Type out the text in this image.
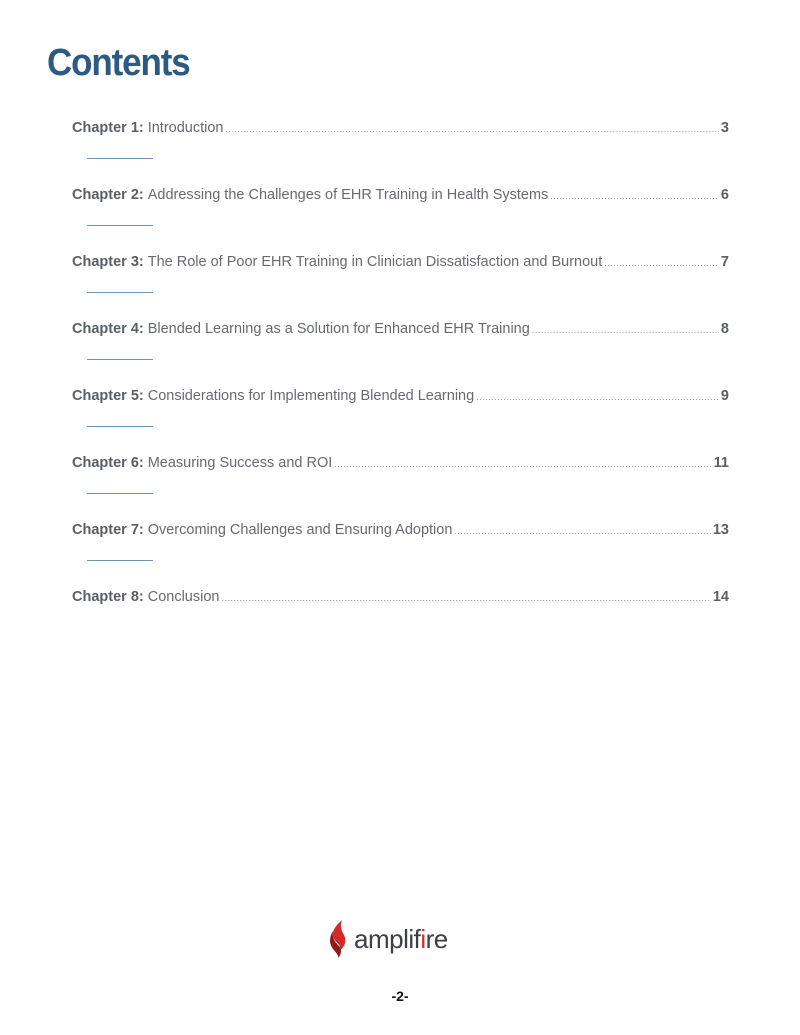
Contents
Chapter 1: Introduction .....	3
Chapter 2: Addressing the Challenges of EHR Training in Health Systems .....	6
Chapter 3: The Role of Poor EHR Training in Clinician Dissatisfaction and Burnout .....	7
Chapter 4: Blended Learning as a Solution for Enhanced EHR Training .....	8
Chapter 5: Considerations for Implementing Blended Learning .....	9
Chapter 6: Measuring Success and ROI .....	11
Chapter 7: Overcoming Challenges and Ensuring Adoption .....	13
Chapter 8: Conclusion .....	14
amplifire
-2-
